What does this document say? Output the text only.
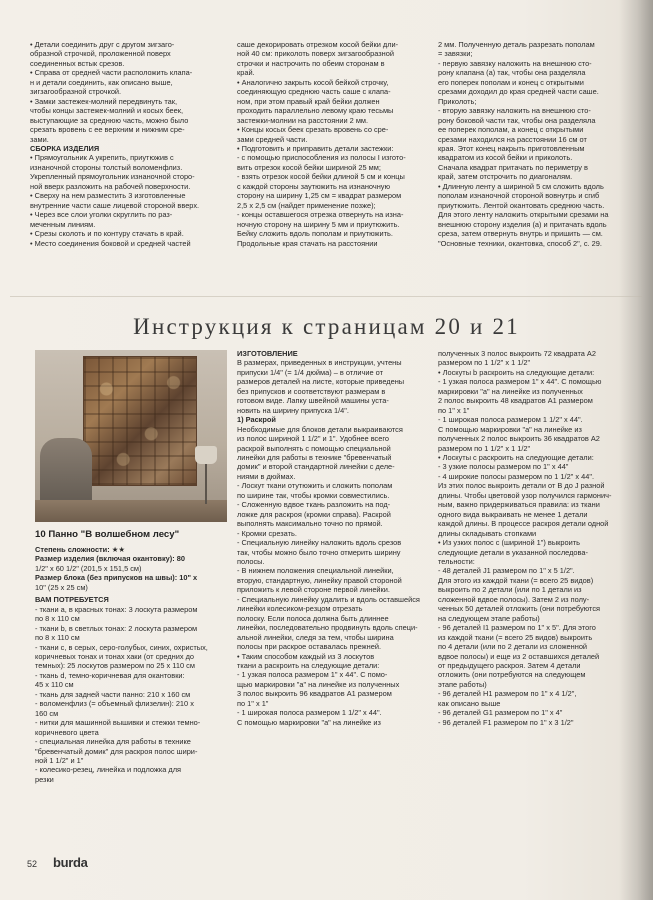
• Детали соединить друг с другом зигзаго-
образной строчкой, проложенной поверх
соединенных встык срезов.
• Справа от средней части расположить клапа-
н и детали соединить, как описано выше,
зигзагообразной строчкой.
• Замки застежек-молний передвинуть так,
чтобы концы застежек-молний и косых беек,
выступающие за среднюю часть, можно было
срезать вровень с ее верхним и нижним сре-
зами.
СБОРКА ИЗДЕЛИЯ
• Прямоугольник A укрепить, приутюжив с
изнаночной стороны толстый воломенфлиз.
Укрепленный прямоугольник изнаночной сторо-
ной вверх разложить на рабочей поверхности.
• Сверху на нем разместить 3 изготовленные
внутренние части саше лицевой стороной вверх.
• Через все слои уголки скруглить по раз-
меченным линиям.
• Срезы сколоть и по контуру стачать в край.
• Место соединения боковой и средней частей
саше декорировать отрезком косой бейки дли-
ной 40 см: приколоть поверх зигзагообразной
строчки и настрочить по обеим сторонам в
край.
• Аналогично закрыть косой бейкой строчку,
соединяющую среднюю часть саше с клапа-
ном, при этом правый край бейки должен
проходить параллельно левому краю тесьмы
застежки-молнии на расстоянии 2 мм.
• Концы косых беек срезать вровень со сре-
зами средней части.
• Подготовить и приправить детали застежки:
- с помощью приспособления из полосы I изгото-
вить отрезок косой бейки шириной 25 мм;
- взять отрезок косой бейки длиной 5 см и концы
с каждой стороны заутюжить на изнаночную
сторону на ширину 1,25 см = квадрат размером
2,5 x 2,5 см (найдет применение позже);
- концы оставшегося отрезка отвернуть на изна-
ночную сторону на ширину 5 мм и приутюжить.
Бейку сложить вдоль пополам и приутюжить.
Продольные края стачать на расстоянии
2 мм. Полученную деталь разрезать пополам
= завязки;
- первую завязку наложить на внешнюю сто-
рону клапана (а) так, чтобы она разделяла
его поперек пополам и конец с открытыми
срезами доходил до края средней части саше.
Приколоть;
- вторую завязку наложить на внешнюю сто-
рону боковой части так, чтобы она разделяла
ее поперек пополам, а конец с открытыми
срезами находился на расстоянии 16 см от
края. Этот конец накрыть приготовленным
квадратом из косой бейки и приколоть.
Сначала квадрат притачать по периметру в
край, затем отстрочить по диагоналям.
• Длинную ленту а шириной 5 см сложить вдоль
пополам изнаночной стороной вовнутрь и сгиб
приутюжить. Лентой окантовать среднюю часть.
Для этого ленту наложить открытыми срезами на
внешнюю сторону изделия (а) и притачать вдоль
среза, затем отвернуть внутрь и пришить — см.
"Основные техники, окантовка, способ 2", с. 29.
Инструкция к страницам 20 и 21
10 Панно "В волшебном лесу"
Степень сложности: ★★
Размер изделия (включая окантовку): 80
1/2" x 60 1/2" (201,5 x 151,5 см)
Размер блока (без припусков на швы): 10" x
10" (25 x 25 см)
ВАМ ПОТРЕБУЕТСЯ
- ткани a, в красных тонах: 3 лоскута размером
по 8 x 110 см
- ткани b, в светлых тонах: 2 лоскута размером
по 8 x 110 см
- ткани c, в серых, серо-голубых, синих, охристых,
коричневых тонах и тонах хаки (от средних до
темных): 25 лоскутов размером по 25 x 110 см
- ткань d, темно-коричневая для окантовки:
45 x 110 см
- ткань для задней части панно: 210 x 160 см
- воломенфлиз (= объемный флизелин): 210 x
160 см
- нитки для машинной вышивки и стежки темно-
коричневого цвета
- специальная линейка для работы в технике
"бревенчатый домик" для раскроя полос шири-
ной 1 1/2" и 1"
- колесико-резец, линейка и подложка для
резки
ИЗГОТОВЛЕНИЕ
В размерах, приведенных в инструкции, учтены
припуски 1/4" (= 1/4 дюйма) – в отличие от
размеров деталей на листе, которые приведены
без припусков и соответствуют размерам в
готовом виде. Лапку швейной машины уста-
новить на ширину припуска 1/4".
1) Раскрой
Необходимые для блоков детали выкраиваются
из полос шириной 1 1/2" и 1". Удобнее всего
раскрой выполнять с помощью специальной
линейки для работы в технике "бревенчатый
домик" и второй стандартной линейки с деле-
ниями в дюймах.
- Лоскут ткани отутюжить и сложить пополам
по ширине так, чтобы кромки совместились.
- Сложенную вдвое ткань разложить на под-
ложке для раскроя (кромки справа). Раскрой
выполнять максимально точно по прямой.
- Кромки срезать.
- Специальную линейку наложить вдоль срезов
так, чтобы можно было точно отмерить ширину
полосы.
- В нижнем положения специальной линейки,
вторую, стандартную, линейку правой стороной
приложить к левой стороне первой линейки.
- Специальную линейку удалить и вдоль оставшейся
линейки колесиком-резцом отрезать
полоску. Если полоса должна быть длиннее
линейки, последовательно продвинуть вдоль специ-
альной линейки, следя за тем, чтобы ширина
полосы при раскрое оставалась прежней.
• Таким способом каждый из 3 лоскутов
ткани a раскроить на следующие детали:
- 1 узкая полоса размером 1" x 44". С помо-
щью маркировки "a" на линейке из полученных
3 полос выкроить 96 квадратов A1 размером
по 1" x 1"
- 1 широкая полоса размером 1 1/2" x 44".
С помощью маркировки "a" на линейке из
полученных 3 полос выкроить 72 квадрата A2
размером по 1 1/2" x 1 1/2"
• Лоскуты b раскроить на следующие детали:
- 1 узкая полоса размером 1" x 44". С помощью
маркировки "a" на линейке из полученных
2 полос выкроить 48 квадратов A1 размером
по 1" x 1"
- 1 широкая полоса размером 1 1/2" x 44".
С помощью маркировки "a" на линейке из
полученных 2 полос выкроить 36 квадратов A2
размером по 1 1/2" x 1 1/2"
• Лоскуты c раскроить на следующие детали:
- 3 узкие полосы размером по 1" x 44"
- 4 широкие полосы размером по 1 1/2" x 44".
Из этих полос выкроить детали от B до J разной
длины. Чтобы цветовой узор получился гармонич-
ным, важно придерживаться правила: из ткани
одного вида выкраивать не менее 1 детали
каждой длины. В процессе раскроя детали одной
длины складывать стопками
• Из узких полос с (шириной 1") выкроить
следующие детали в указанной последова-
тельности:
- 48 деталей J1 размером по 1" x 5 1/2".
Для этого из каждой ткани (= всего 25 видов)
выкроить по 2 детали (или по 1 детали из
сложенной вдвое полосы). Затем 2 из полу-
ченных 50 деталей отложить (они потребуются
на следующем этапе работы)
- 96 деталей I1 размером по 1" x 5". Для этого
из каждой ткани (= всего 25 видов) выкроить
по 4 детали (или по 2 детали из сложенной
вдвое полосы) и еще из 2 оставшихся деталей
от предыдущего раскроя. Затем 4 детали
отложить (они потребуются на следующем
этапе работы)
- 96 деталей H1 размером по 1" x 4 1/2",
как описано выше
- 96 деталей G1 размером по 1" x 4"
- 96 деталей F1 размером по 1" x 3 1/2"
52 burda
